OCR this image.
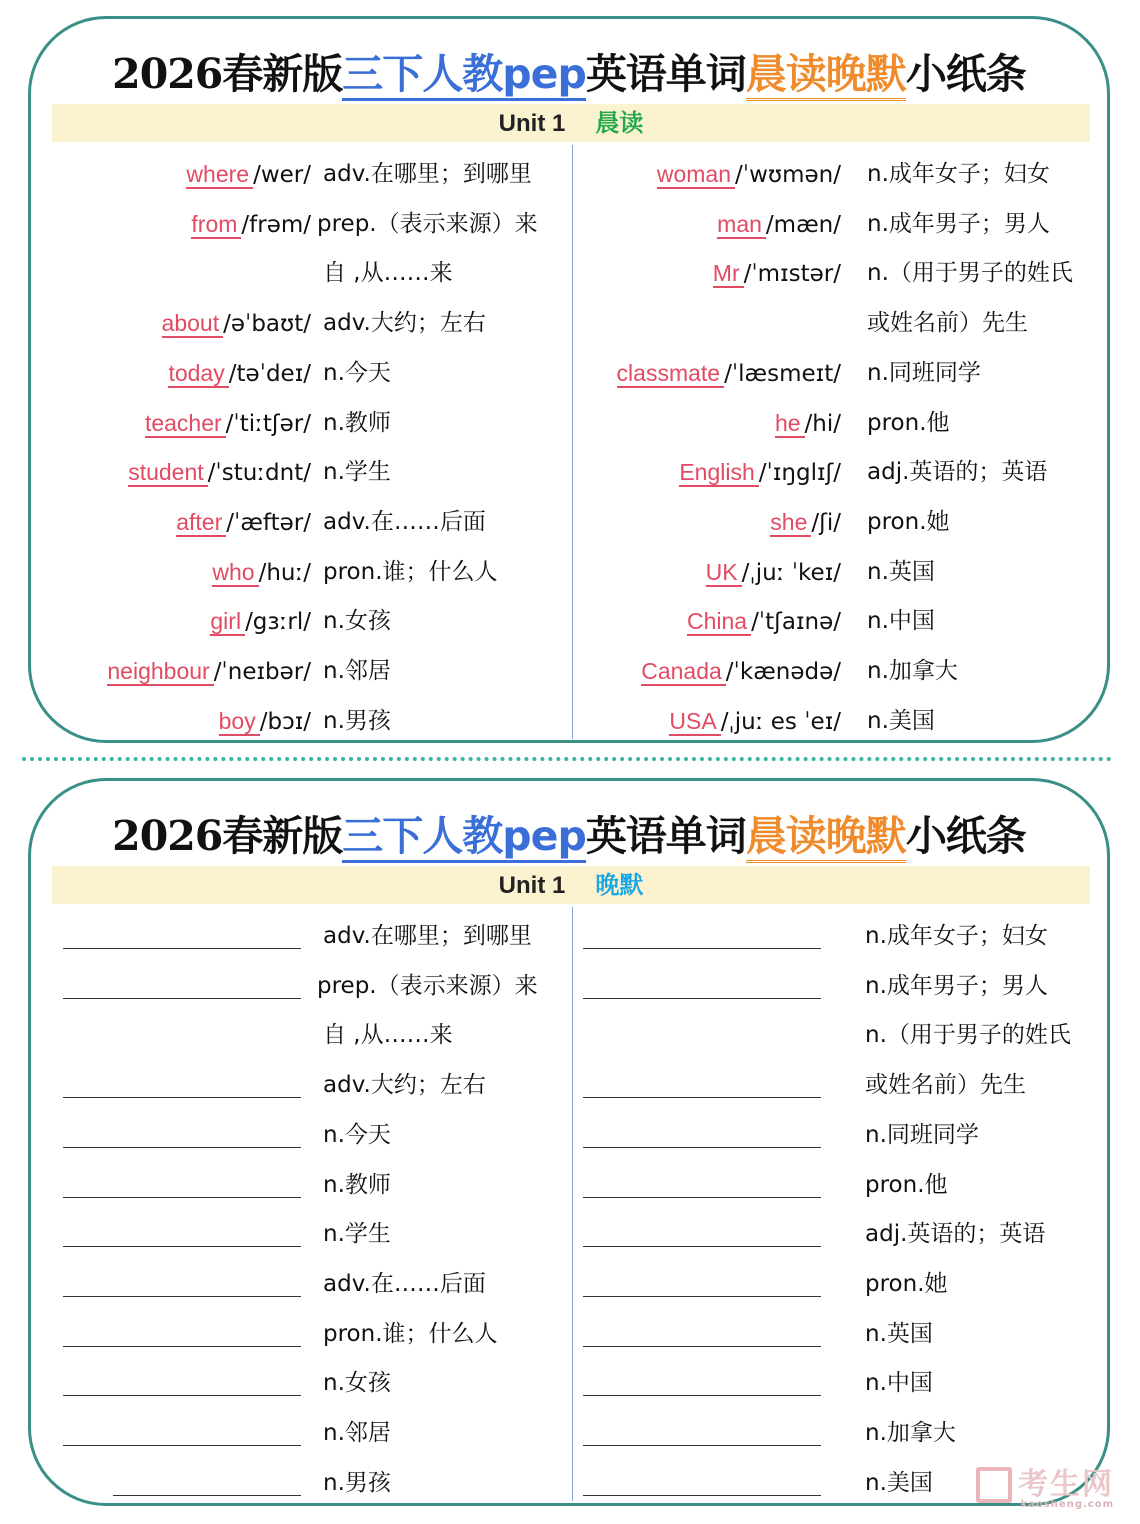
2026春新版三下人教pep英语单词晨读晚默小纸条
Unit 1 晨读
where /wer/ adv.在哪里；到哪里
from /frəm/ prep.（表示来源）来
自 ,从……来
about /əˈbaʊt/ adv.大约；左右
today /təˈdeɪ/ n.今天
teacher /ˈtiːtʃər/ n.教师
student /ˈstuːdnt/ n.学生
after /ˈæftər/ adv.在……后面
who /huː/ pron.谁；什么人
girl /gɜːrl/ n.女孩
neighbour /ˈneɪbər/ n.邻居
boy /bɔɪ/ n.男孩
woman /ˈwʊmən/ n.成年女子；妇女
man /mæn/ n.成年男子；男人
Mr /ˈmɪstər/ n.（用于男子的姓氏
或姓名前）先生
classmate /ˈlæsmeɪt/ n.同班同学
he /hi/ pron.他
English /ˈɪŋglɪʃ/ adj.英语的；英语
she /ʃi/ pron.她
UK /ˌjuː ˈkeɪ/ n.英国
China /ˈtʃaɪnə/ n.中国
Canada /ˈkænədə/ n.加拿大
USA /ˌjuː es ˈeɪ/ n.美国
2026春新版三下人教pep英语单词晨读晚默小纸条
Unit 1 晚默
adv.在哪里；到哪里
prep.（表示来源）来
自 ,从……来
adv.大约；左右
n.今天
n.教师
n.学生
adv.在……后面
pron.谁；什么人
n.女孩
n.邻居
n.男孩
n.成年女子；妇女
n.成年男子；男人
n.（用于男子的姓氏
或姓名前）先生
n.同班同学
pron.他
adj.英语的；英语
pron.她
n.英国
n.中国
n.加拿大
n.美国	考生网
kaosheng.com
